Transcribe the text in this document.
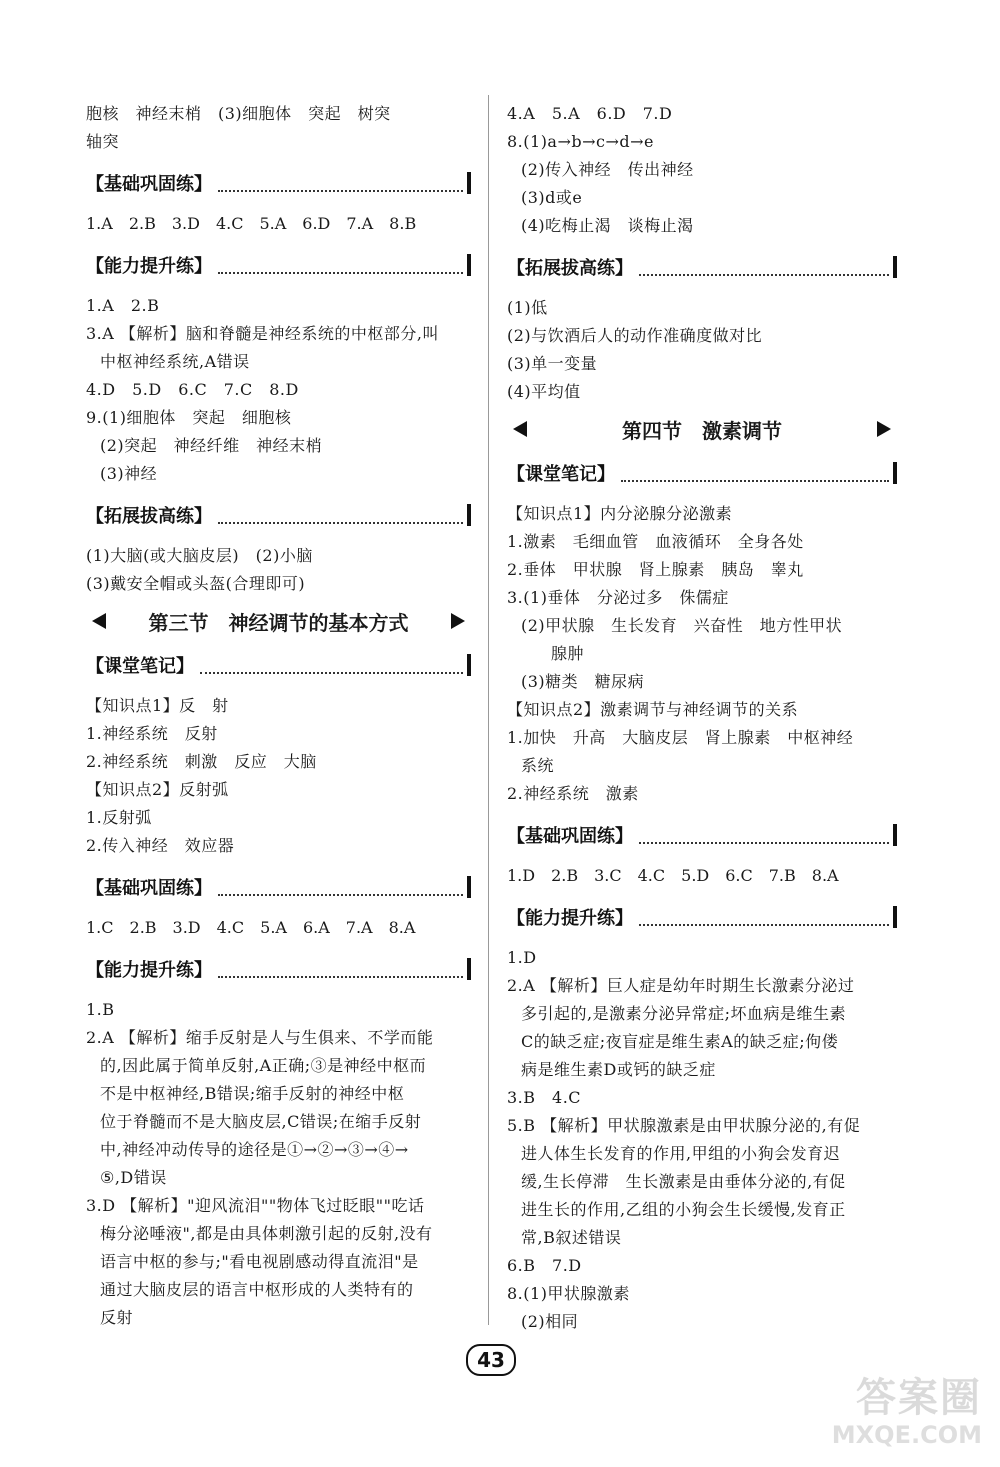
胞核　神经末梢　(3)细胞体　突起　树突
轴突
【基础巩固练】
1.A　2.B　3.D　4.C　5.A　6.D　7.A　8.B
【能力提升练】
1.A　2.B
3.A 【解析】脑和脊髓是神经系统的中枢部分,叫
中枢神经系统,A错误
4.D　5.D　6.C　7.C　8.D
9.(1)细胞体　突起　细胞核
(2)突起　神经纤维　神经末梢
(3)神经
【拓展拔高练】
(1)大脑(或大脑皮层)　(2)小脑
(3)戴安全帽或头盔(合理即可)
第三节　神经调节的基本方式
【课堂笔记】
【知识点1】反　射
1.神经系统　反射
2.神经系统　刺激　反应　大脑
【知识点2】反射弧
1.反射弧
2.传入神经　效应器
【基础巩固练】
1.C　2.B　3.D　4.C　5.A　6.A　7.A　8.A
【能力提升练】
1.B
2.A 【解析】缩手反射是人与生俱来、不学而能
的,因此属于简单反射,A正确;③是神经中枢而
不是中枢神经,B错误;缩手反射的神经中枢
位于脊髓而不是大脑皮层,C错误;在缩手反射
中,神经冲动传导的途径是①→②→③→④→
⑤,D错误
3.D 【解析】"迎风流泪""物体飞过眨眼""吃话
梅分泌唾液",都是由具体刺激引起的反射,没有
语言中枢的参与;"看电视剧感动得直流泪"是
通过大脑皮层的语言中枢形成的人类特有的
反射
4.A　5.A　6.D　7.D
8.(1)a→b→c→d→e
(2)传入神经　传出神经
(3)d或e
(4)吃梅止渴　谈梅止渴
【拓展拔高练】
(1)低
(2)与饮酒后人的动作准确度做对比
(3)单一变量
(4)平均值
第四节　激素调节
【课堂笔记】
【知识点1】内分泌腺分泌激素
1.激素　毛细血管　血液循环　全身各处
2.垂体　甲状腺　肾上腺素　胰岛　睾丸
3.(1)垂体　分泌过多　侏儒症
(2)甲状腺　生长发育　兴奋性　地方性甲状
腺肿
(3)糖类　糖尿病
【知识点2】激素调节与神经调节的关系
1.加快　升高　大脑皮层　肾上腺素　中枢神经
系统
2.神经系统　激素
【基础巩固练】
1.D　2.B　3.C　4.C　5.D　6.C　7.B　8.A
【能力提升练】
1.D
2.A 【解析】巨人症是幼年时期生长激素分泌过
多引起的,是激素分泌异常症;坏血病是维生素
C的缺乏症;夜盲症是维生素A的缺乏症;佝偻
病是维生素D或钙的缺乏症
3.B　4.C
5.B 【解析】甲状腺激素是由甲状腺分泌的,有促
进人体生长发育的作用,甲组的小狗会发育迟
缓,生长停滞　生长激素是由垂体分泌的,有促
进生长的作用,乙组的小狗会生长缓慢,发育正
常,B叙述错误
6.B　7.D
8.(1)甲状腺激素
(2)相同
43
答案圈
MXQE.COM
